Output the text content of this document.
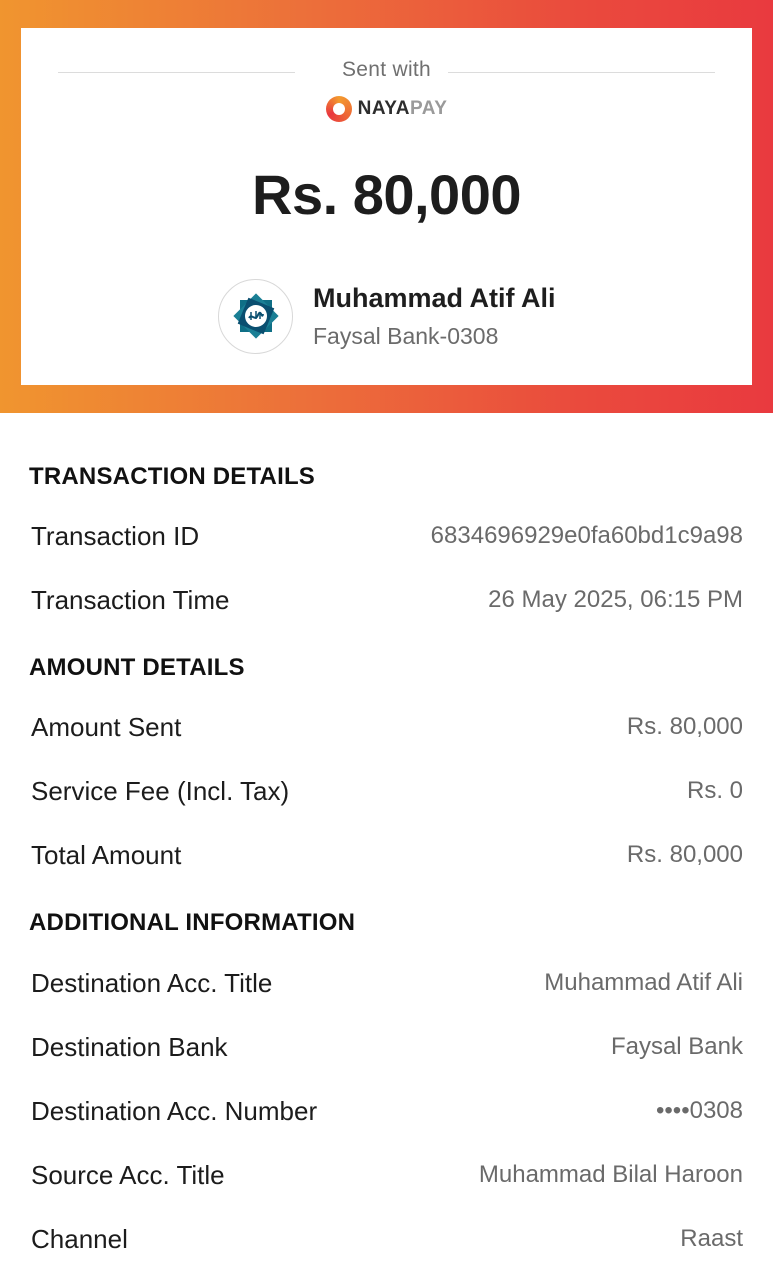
Sent with
NAYAPAY
Rs. 80,000
Muhammad Atif Ali
Faysal Bank-0308
TRANSACTION DETAILS
Transaction ID	6834696929e0fa60bd1c9a98
Transaction Time	26 May 2025, 06:15 PM
AMOUNT DETAILS
Amount Sent	Rs. 80,000
Service Fee (Incl. Tax)	Rs. 0
Total Amount	Rs. 80,000
ADDITIONAL INFORMATION
Destination Acc. Title	Muhammad Atif Ali
Destination Bank	Faysal Bank
Destination Acc. Number	••••0308
Source Acc. Title	Muhammad Bilal Haroon
Channel	Raast
